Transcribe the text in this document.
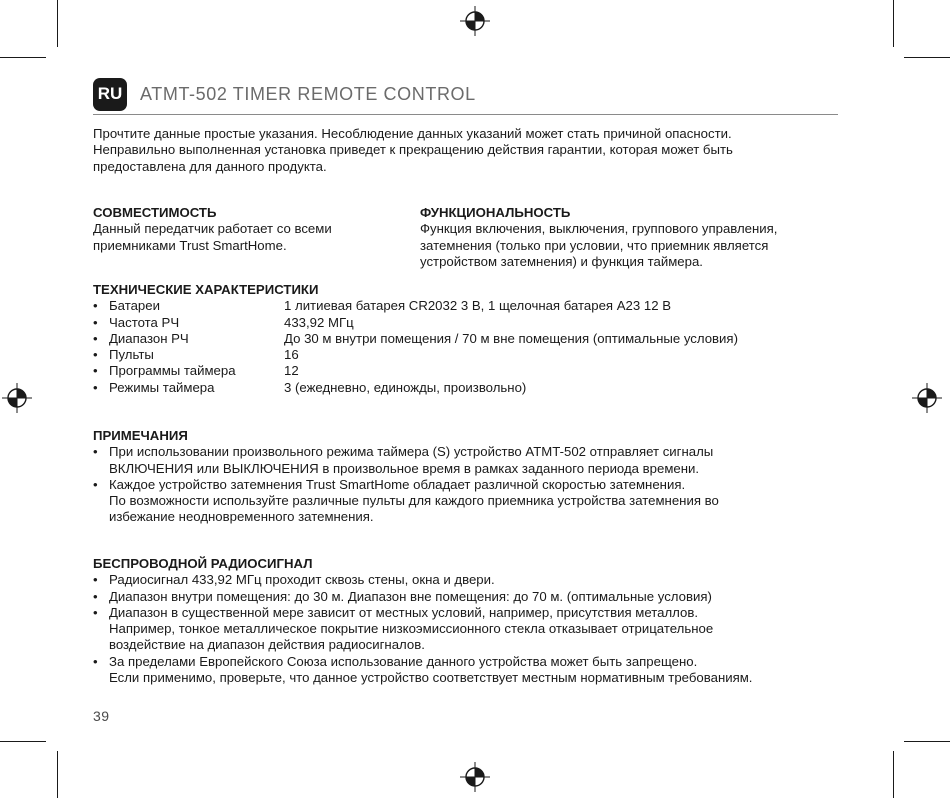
RU ATMT-502 TIMER REMOTE CONTROL
Прочтите данные простые указания. Несоблюдение данных указаний может стать причиной опасности.
Неправильно выполненная установка приведет к прекращению действия гарантии, которая может быть
предоставлена для данного продукта.
СОВМЕСТИМОСТЬ
Данный передатчик работает со всеми
приемниками Trust SmartHome.
ФУНКЦИОНАЛЬНОСТЬ
Функция включения, выключения, группового управления,
затемнения (только при условии, что приемник является
устройством затемнения) и функция таймера.
ТЕХНИЧЕСКИЕ ХАРАКТЕРИСТИКИ
• Батареи	1 литиевая батарея CR2032 3 В, 1 щелочная батарея A23 12 В
• Частота РЧ	433,92 МГц
• Диапазон РЧ	До 30 м внутри помещения / 70 м вне помещения (оптимальные условия)
• Пульты	16
• Программы таймера	12
• Режимы таймера	3 (ежедневно, единожды, произвольно)
ПРИМЕЧАНИЯ
• При использовании произвольного режима таймера (S) устройство ATMT-502 отправляет сигналы
ВКЛЮЧЕНИЯ или ВЫКЛЮЧЕНИЯ в произвольное время в рамках заданного периода времени.
• Каждое устройство затемнения Trust SmartHome обладает различной скоростью затемнения.
По возможности используйте различные пульты для каждого приемника устройства затемнения во
избежание неодновременного затемнения.
БЕСПРОВОДНОЙ РАДИОСИГНАЛ
• Радиосигнал 433,92 МГц проходит сквозь стены, окна и двери.
• Диапазон внутри помещения: до 30 м. Диапазон вне помещения: до 70 м. (оптимальные условия)
• Диапазон в существенной мере зависит от местных условий, например, присутствия металлов.
Например, тонкое металлическое покрытие низкоэмиссионного стекла отказывает отрицательное
воздействие на диапазон действия радиосигналов.
• За пределами Европейского Союза использование данного устройства может быть запрещено.
Если применимо, проверьте, что данное устройство соответствует местным нормативным требованиям.
39
